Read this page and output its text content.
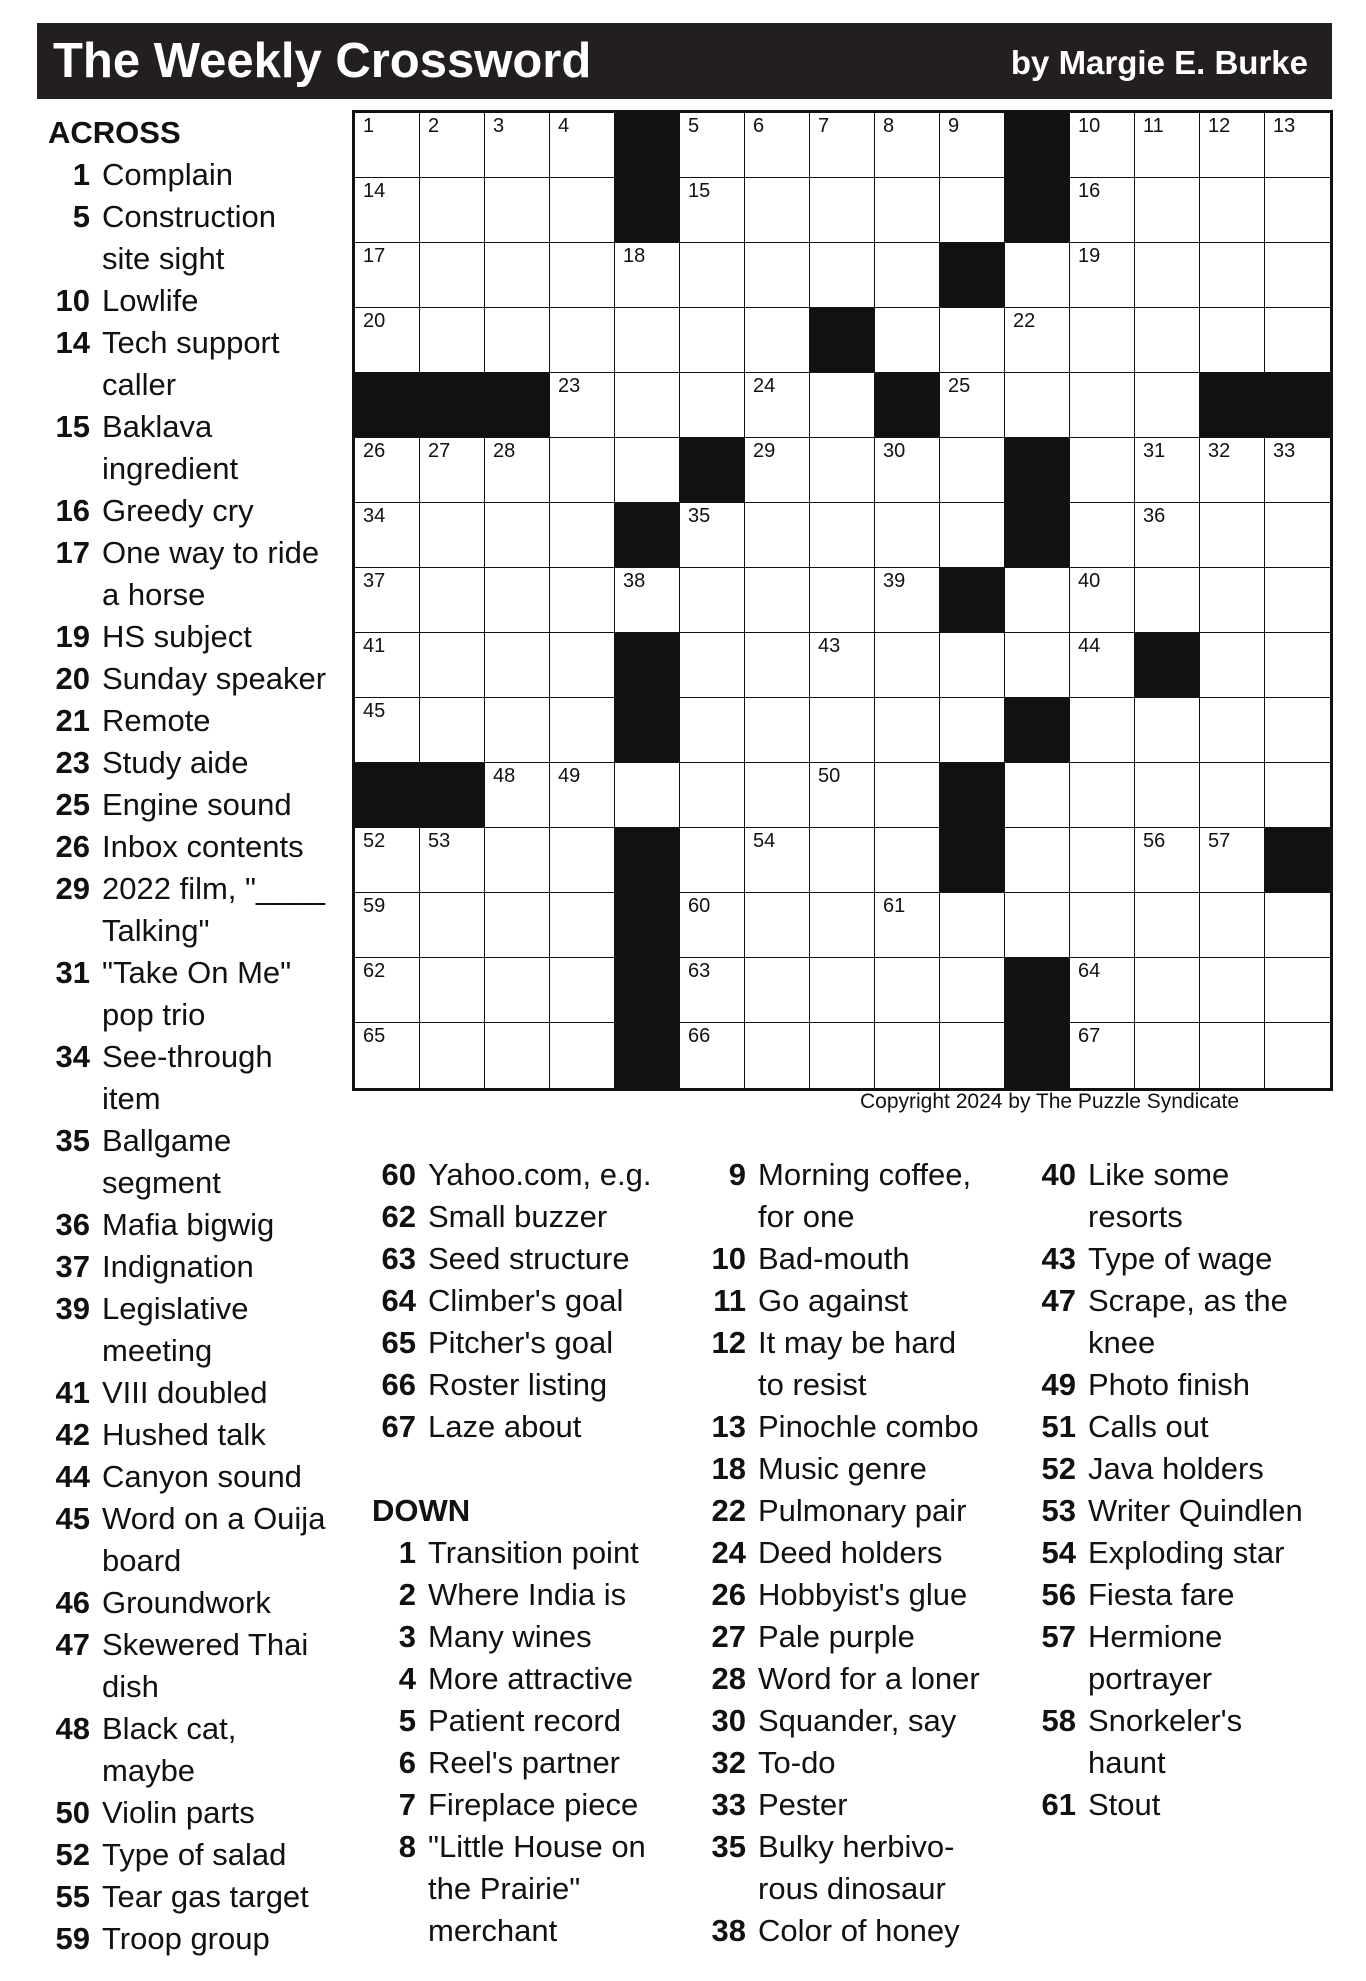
The Weekly Crossword	by Margie E. Burke
1	2	3	4	5	6	7	8	9	10 11 12 13
14	15	16
17	18	19
20	22
23	24	25
26 27 28	29	30	31 32 33
34	35	36
37	38	39	40
41	43	44
45
48 49	50
52 53	54	56 57
59	60	61
62	63	64
65	66	67
Copyright 2024 by The Puzzle Syndicate
ACROSS
1 Complain
5 Construction
site sight
10 Lowlife
14 Tech support
caller
15 Baklava
ingredient
16 Greedy cry
17 One way to ride
a horse
19 HS subject
20 Sunday speaker
21 Remote
23 Study aide
25 Engine sound
26 Inbox contents
29 2022 film, "____
Talking"
31 "Take On Me"
pop trio
34 See-through
item
35 Ballgame
segment
36 Mafia bigwig
37 Indignation
39 Legislative
meeting
41 VIII doubled
42 Hushed talk
44 Canyon sound
45 Word on a Ouija
board
46 Groundwork
47 Skewered Thai
dish
48 Black cat,
maybe
50 Violin parts
52 Type of salad
55 Tear gas target
59 Troop group
60 Yahoo.com, e.g.
62 Small buzzer
63 Seed structure
64 Climber's goal
65 Pitcher's goal
66 Roster listing
67 Laze about
DOWN
1 Transition point
2 Where India is
3 Many wines
4 More attractive
5 Patient record
6 Reel's partner
7 Fireplace piece
8 "Little House on
the Prairie"
merchant
9 Morning coffee,
for one
10 Bad-mouth
11 Go against
12 It may be hard
to resist
13 Pinochle combo
18 Music genre
22 Pulmonary pair
24 Deed holders
26 Hobbyist's glue
27 Pale purple
28 Word for a loner
30 Squander, say
32 To-do
33 Pester
35 Bulky herbivo-
rous dinosaur
38 Color of honey
40 Like some
resorts
43 Type of wage
47 Scrape, as the
knee
49 Photo finish
51 Calls out
52 Java holders
53 Writer Quindlen
54 Exploding star
56 Fiesta fare
57 Hermione
portrayer
58 Snorkeler's
haunt
61 Stout
